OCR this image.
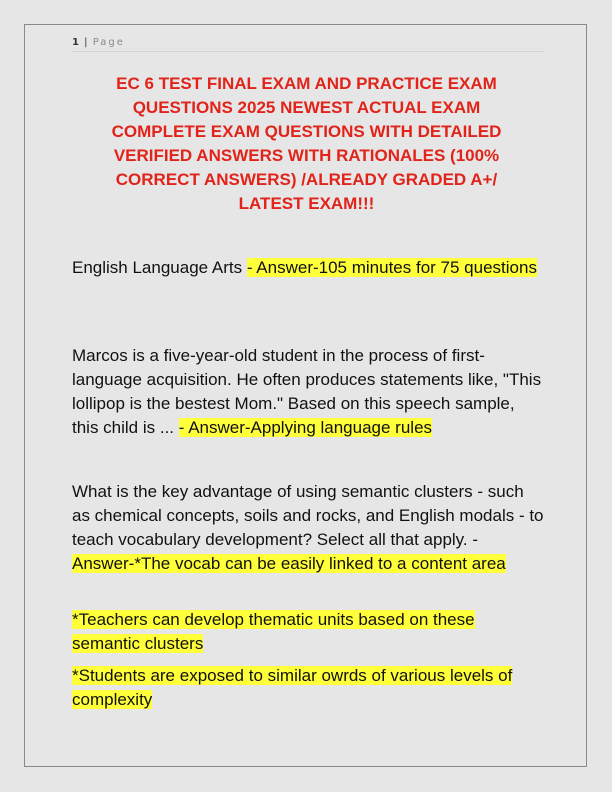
1 | Page
EC 6 TEST FINAL EXAM AND PRACTICE EXAM QUESTIONS 2025 NEWEST ACTUAL EXAM COMPLETE EXAM QUESTIONS WITH DETAILED VERIFIED ANSWERS WITH RATIONALES (100% CORRECT ANSWERS) /ALREADY GRADED A+/ LATEST EXAM!!!
English Language Arts - Answer-105 minutes for 75 questions
Marcos is a five-year-old student in the process of first-language acquisition. He often produces statements like, "This lollipop is the bestest Mom." Based on this speech sample, this child is ... - Answer-Applying language rules
What is the key advantage of using semantic clusters - such as chemical concepts, soils and rocks, and English modals - to teach vocabulary development? Select all that apply. - Answer-*The vocab can be easily linked to a content area
*Teachers can develop thematic units based on these semantic clusters
*Students are exposed to similar owrds of various levels of complexity
